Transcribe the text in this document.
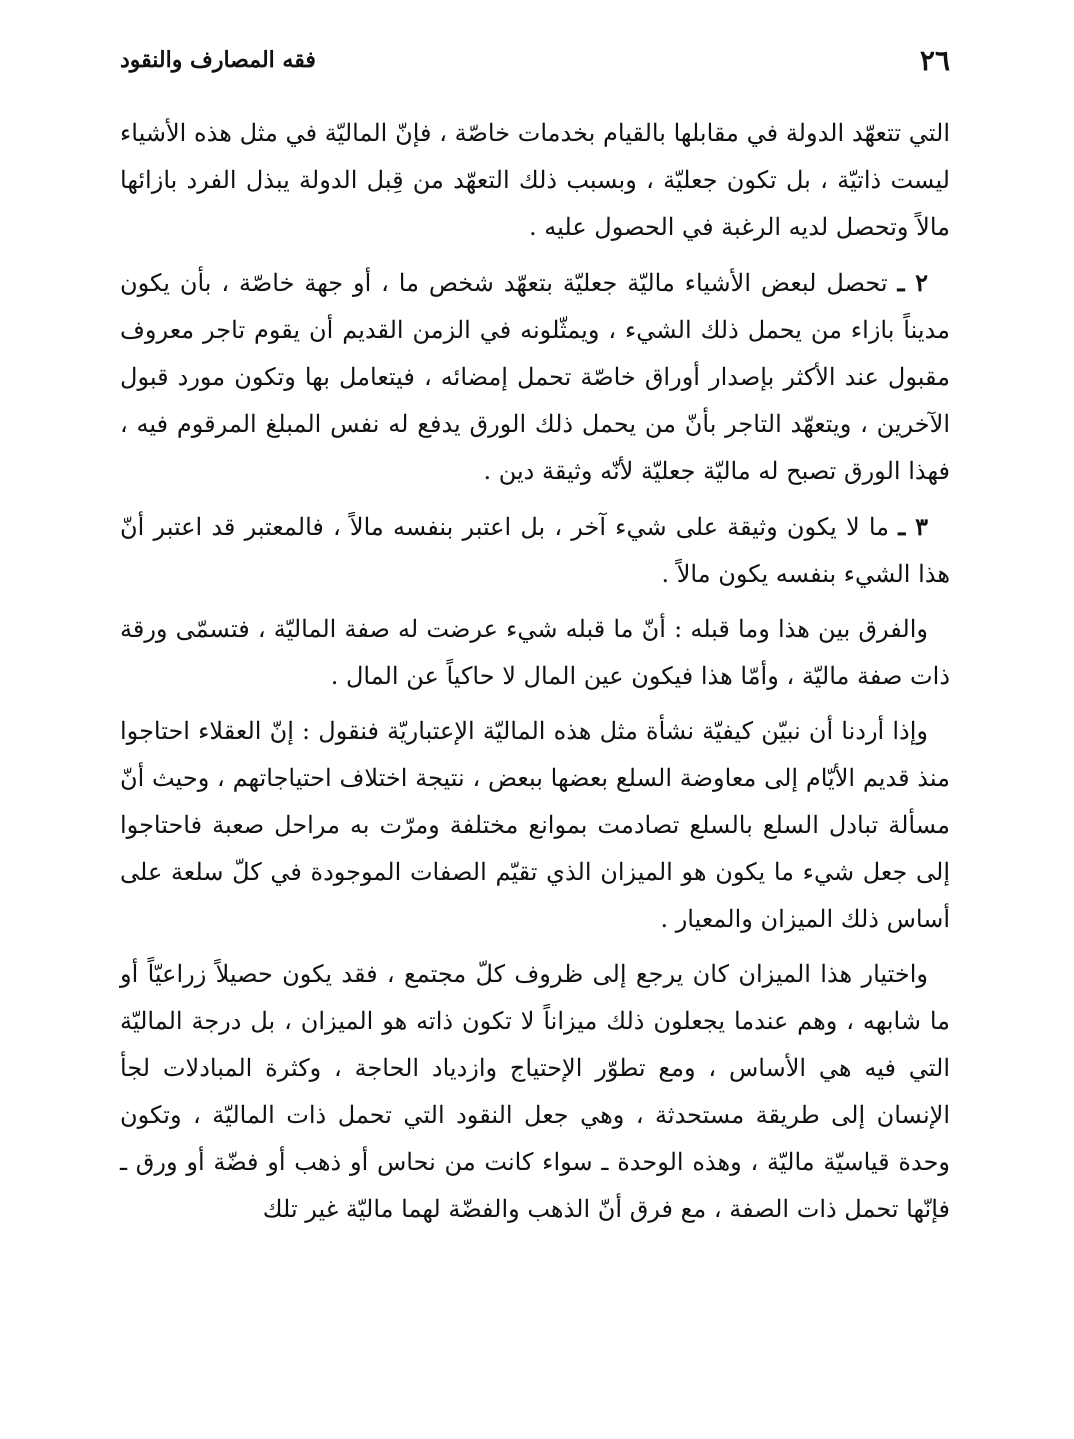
٢٦
فقه المصارف والنقود

التي تتعهّد الدولة في مقابلها بالقيام بخدمات خاصّة ، فإنّ الماليّة في مثل هذه الأشياء ليست ذاتيّة ، بل تكون جعليّة ، وبسبب ذلك التعهّد من قِبل الدولة يبذل الفرد بازائها مالاً وتحصل لديه الرغبة في الحصول عليه .

٢ ـ تحصل لبعض الأشياء ماليّة جعليّة بتعهّد شخص ما ، أو جهة خاصّة ، بأن يكون مديناً بازاء من يحمل ذلك الشيء ، ويمثّلونه في الزمن القديم أن يقوم تاجر معروف مقبول عند الأكثر بإصدار أوراق خاصّة تحمل إمضائه ، فيتعامل بها وتكون مورد قبول الآخرين ، ويتعهّد التاجر بأنّ من يحمل ذلك الورق يدفع له نفس المبلغ المرقوم فيه ، فهذا الورق تصبح له ماليّة جعليّة لأنّه وثيقة دين .

٣ ـ ما لا يكون وثيقة على شيء آخر ، بل اعتبر بنفسه مالاً ، فالمعتبر قد اعتبر أنّ هذا الشيء بنفسه يكون مالاً .

والفرق بين هذا وما قبله : أنّ ما قبله شيء عرضت له صفة الماليّة ، فتسمّى ورقة ذات صفة ماليّة ، وأمّا هذا فيكون عين المال لا حاكياً عن المال .

وإذا أردنا أن نبيّن كيفيّة نشأة مثل هذه الماليّة الإعتباريّة فنقول : إنّ العقلاء احتاجوا منذ قديم الأيّام إلى معاوضة السلع بعضها ببعض ، نتيجة اختلاف احتياجاتهم ، وحيث أنّ مسألة تبادل السلع بالسلع تصادمت بموانع مختلفة ومرّت به مراحل صعبة فاحتاجوا إلى جعل شيء ما يكون هو الميزان الذي تقيّم الصفات الموجودة في كلّ سلعة على أساس ذلك الميزان والمعيار .

واختيار هذا الميزان كان يرجع إلى ظروف كلّ مجتمع ، فقد يكون حصيلاً زراعيّاً أو ما شابهه ، وهم عندما يجعلون ذلك ميزاناً لا تكون ذاته هو الميزان ، بل درجة الماليّة التي فيه هي الأساس ، ومع تطوّر الإحتياج وازدياد الحاجة ، وكثرة المبادلات لجأ الإنسان إلى طريقة مستحدثة ، وهي جعل النقود التي تحمل ذات الماليّة ، وتكون وحدة قياسيّة ماليّة ، وهذه الوحدة ـ سواء كانت من نحاس أو ذهب أو فضّة أو ورق ـ فإنّها تحمل ذات الصفة ، مع فرق أنّ الذهب والفضّة لهما ماليّة غير تلك
